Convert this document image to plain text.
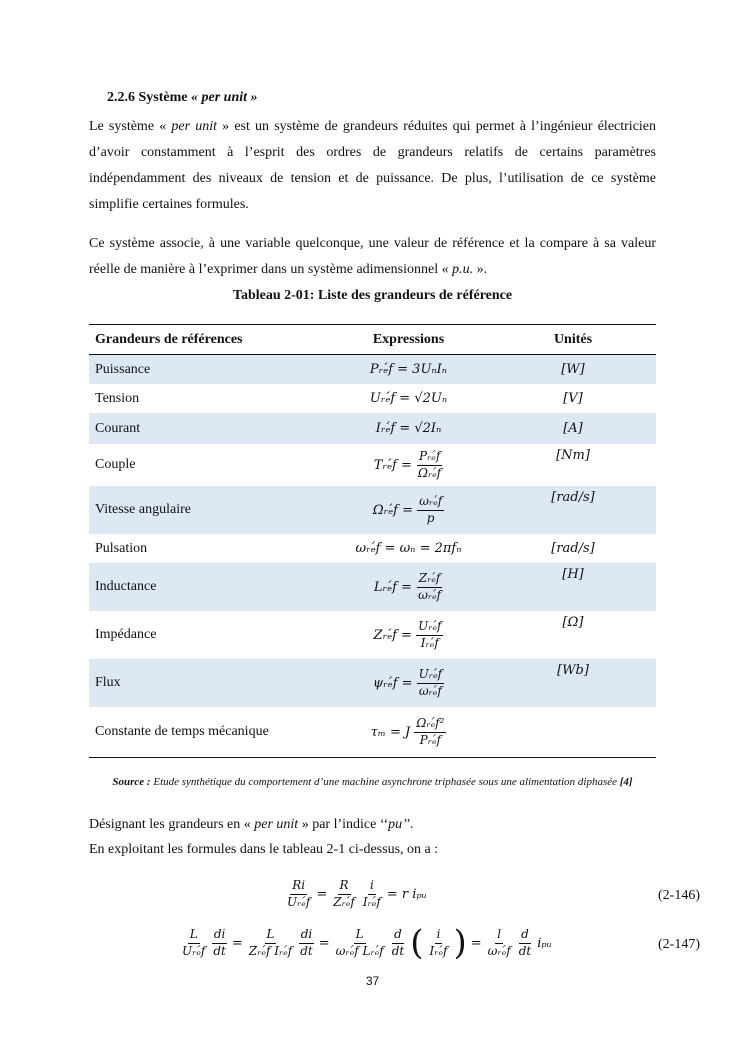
2.2.6 Système « per unit »

Le système « per unit » est un système de grandeurs réduites qui permet à l’ingénieur électricien d’avoir constamment à l’esprit des ordres de grandeurs relatifs de certains paramètres indépendamment des niveaux de tension et de puissance. De plus, l’utilisation de ce système simplifie certaines formules.

Ce système associe, à une variable quelconque, une valeur de référence et la compare à sa valeur réelle de manière à l’exprimer dans un système adimensionnel « p.u. ».

Tableau 2-01: Liste des grandeurs de référence
Grandeurs de références	Expressions	Unités
Puissance	Pᵣₑ́f = 3UₙIₙ	[W]
Tension	Uᵣₑ́f = √2Uₙ	[V]
Courant	Iᵣₑ́f = √2Iₙ	[A]
Couple	Tᵣₑ́f = $\frac{\text{Pᵣₑ́f}}{\text{Ωᵣₑ́f}}$	[Nm]
Vitesse angulaire	Ωᵣₑ́f = $\frac{\text{ωᵣₑ́f}}{p}$	[rad/s]
Pulsation	ωᵣₑ́f = ωₙ = 2πfₙ	[rad/s]
Inductance	Lᵣₑ́f = $\frac{\text{Zᵣₑ́f}}{\text{ωᵣₑ́f}}$	[H]
Impédance	Zᵣₑ́f = $\frac{\text{Uᵣₑ́f}}{\text{Iᵣₑ́f}}$	[Ω]
Flux	ψᵣₑ́f = $\frac{\text{Uᵣₑ́f}}{\text{ωᵣₑ́f}}$	[Wb]
Constante de temps mécanique	τₘ = J $\frac{\text{Ωᵣₑ́f²}}{\text{Pᵣₑ́f}}$
Source : Etude synthétique du comportement d’une machine asynchrone triphasée sous une alimentation diphasée [4]
Désignant les grandeurs en « per unit » par l’indice ‘‘pu’’.
En exploitant les formules dans le tableau 2-1 ci-dessus, on a :
$\frac{Ri}{\text{Uᵣₑ́f}} = \frac{R}{\text{Zᵣₑ́f}} \frac{i}{\text{Iᵣₑ́f}} = r$ iₚᵤ	(2-146)
$\frac{L}{\text{Uᵣₑ́f}} \frac{di}{dt} = \frac{L}{\text{Zᵣₑ́f Iᵣₑ́f}} \frac{di}{dt} = \frac{L}{\text{ωᵣₑ́f Lᵣₑ́f}} \frac{d}{dt}$ ( $\frac{i}{\text{Iᵣₑ́f}}$ ) = $\frac{l}{\text{ωᵣₑ́f}} \frac{d}{dt}$ iₚᵤ	(2-147)
37
